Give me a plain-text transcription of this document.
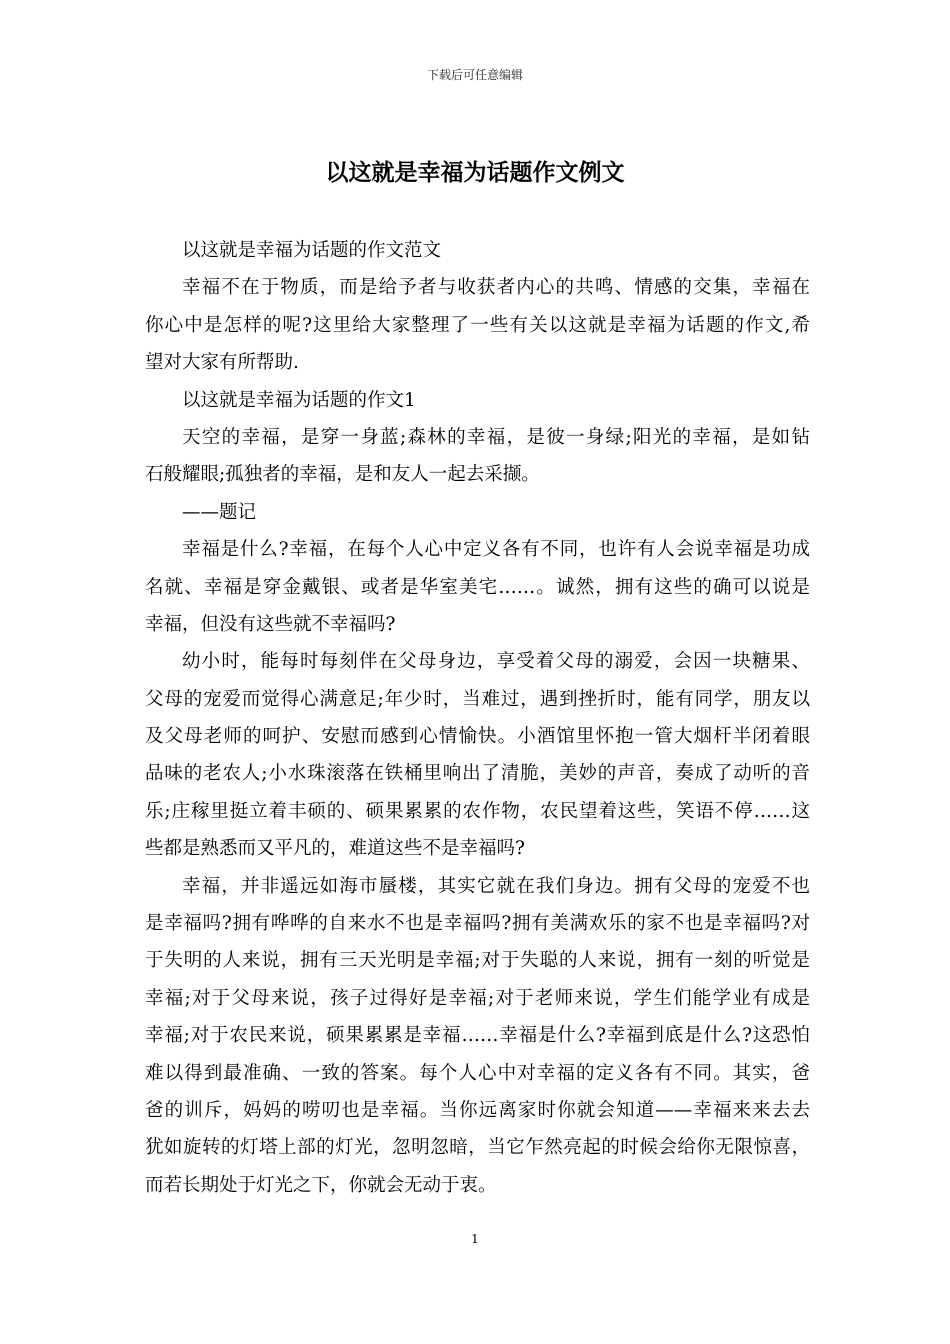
下载后可任意编辑
以这就是幸福为话题作文例文
以这就是幸福为话题的作文范文
幸福不在于物质，而是给予者与收获者内心的共鸣、情感的交集，幸福在
你心中是怎样的呢?这里给大家整理了一些有关以这就是幸福为话题的作文,希
望对大家有所帮助.
以这就是幸福为话题的作文1
天空的幸福，是穿一身蓝;森林的幸福，是彼一身绿;阳光的幸福，是如钻
石般耀眼;孤独者的幸福，是和友人一起去采撷。
——题记
幸福是什么?幸福，在每个人心中定义各有不同，也许有人会说幸福是功成
名就、幸福是穿金戴银、或者是华室美宅……。诚然，拥有这些的确可以说是
幸福，但没有这些就不幸福吗?
幼小时，能每时每刻伴在父母身边，享受着父母的溺爱，会因一块糖果、
父母的宠爱而觉得心满意足;年少时，当难过，遇到挫折时，能有同学，朋友以
及父母老师的呵护、安慰而感到心情愉快。小酒馆里怀抱一管大烟杆半闭着眼
品味的老农人;小水珠滚落在铁桶里响出了清脆，美妙的声音，奏成了动听的音
乐;庄稼里挺立着丰硕的、硕果累累的农作物，农民望着这些，笑语不停……这
些都是熟悉而又平凡的，难道这些不是幸福吗?
幸福，并非遥远如海市蜃楼，其实它就在我们身边。拥有父母的宠爱不也
是幸福吗?拥有哗哗的自来水不也是幸福吗?拥有美满欢乐的家不也是幸福吗?对
于失明的人来说，拥有三天光明是幸福;对于失聪的人来说，拥有一刻的听觉是
幸福;对于父母来说，孩子过得好是幸福;对于老师来说，学生们能学业有成是
幸福;对于农民来说，硕果累累是幸福……幸福是什么?幸福到底是什么?这恐怕
难以得到最准确、一致的答案。每个人心中对幸福的定义各有不同。其实，爸
爸的训斥，妈妈的唠叨也是幸福。当你远离家时你就会知道——幸福来来去去
犹如旋转的灯塔上部的灯光，忽明忽暗，当它乍然亮起的时候会给你无限惊喜，
而若长期处于灯光之下，你就会无动于衷。
1
